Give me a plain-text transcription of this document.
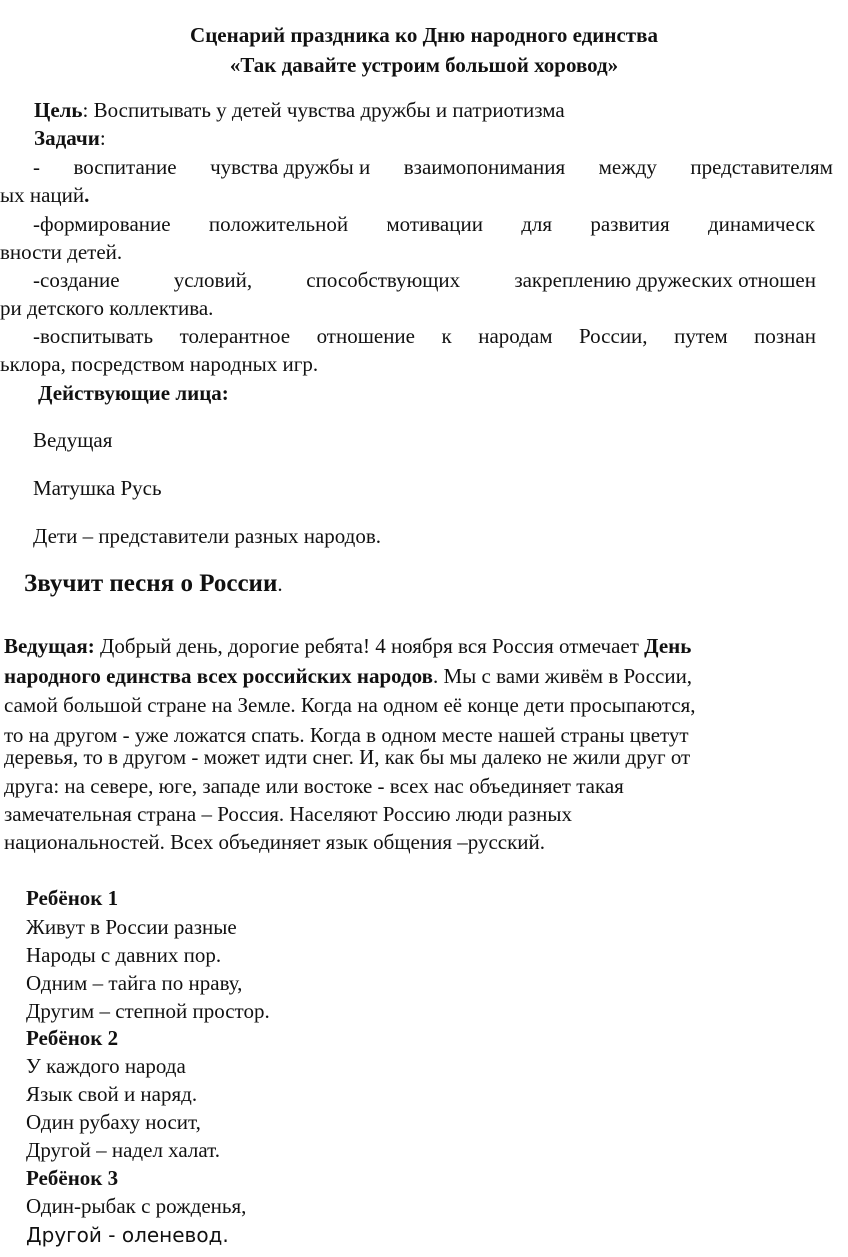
Сценарий праздника ко Дню народного единства
«Так давайте устроим большой хоровод»
Цель: Воспитывать у детей чувства дружбы и патриотизма
Задачи:
- воспитание чувства дружбы и взаимопонимания между представителям
ых наций.
-формирование положительной мотивации для развития динамическ
вности детей.
-создание	условий,	способствующих	закреплению дружеских отношен
ри детского коллектива.
-воспитывать толерантное отношение к народам России, путем познан
ьклора, посредством народных игр.
Действующие лица:
Ведущая
Матушка Русь
Дети – представители разных народов.
Звучит песня о России.
Ведущая: Добрый день, дорогие ребята! 4 ноября вся Россия отмечает День
народного единства всех российских народов. Мы с вами живём в России,
самой большой стране на Земле. Когда на одном её конце дети просыпаются,
то на другом - уже ложатся спать. Когда в одном месте нашей страны цветут
деревья, то в другом - может идти снег. И, как бы мы далеко не жили друг от
друга: на севере, юге, западе или востоке - всех нас объединяет такая
замечательная страна – Россия. Населяют Россию люди разных
национальностей. Всех объединяет язык общения –русский.
Ребёнок 1
Живут в России разные
Народы с давних пор.
Одним – тайга по нраву,
Другим – степной простор.
Ребёнок 2
У каждого народа
Язык свой и наряд.
Один рубаху носит,
Другой – надел халат.
Ребёнок 3
Один-рыбак с рожденья,
Другой - оленевод.
